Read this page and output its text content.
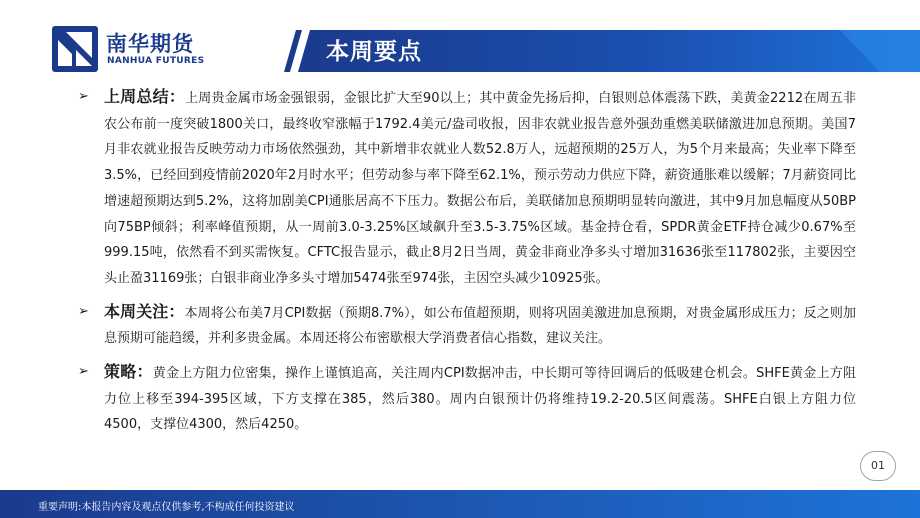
南华期货
NANHUA FUTURES	本周要点
➢ 上周总结：上周贵金属市场金强银弱，金银比扩大至90以上；其中黄金先扬后抑，白银则总体震荡下跌，美黄金2212在周五非农公布前一度突破1800关口，最终收窄涨幅于1792.4美元/盎司收报，因非农就业报告意外强劲重燃美联储激进加息预期。美国7月非农就业报告反映劳动力市场依然强劲，其中新增非农就业人数52.8万人，远超预期的25万人，为5个月来最高；失业率下降至3.5%，已经回到疫情前2020年2月时水平；但劳动参与率下降至62.1%，预示劳动力供应下降，薪资通胀难以缓解；7月薪资同比增速超预期达到5.2%，这将加剧美CPI通胀居高不下压力。数据公布后，美联储加息预期明显转向激进，其中9月加息幅度从50BP向75BP倾斜；利率峰值预期，从一周前3.0-3.25%区域飙升至3.5-3.75%区域。基金持仓看，SPDR黄金ETF持仓减少0.67%至999.15吨，依然看不到买需恢复。CFTC报告显示，截止8月2日当周，黄金非商业净多头寸增加31636张至117802张，主要因空头止盈31169张；白银非商业净多头寸增加5474张至974张，主因空头减少10925张。
➢ 本周关注：本周将公布美7月CPI数据（预期8.7%），如公布值超预期，则将巩固美激进加息预期，对贵金属形成压力；反之则加息预期可能趋缓，并利多贵金属。本周还将公布密歇根大学消费者信心指数，建议关注。
➢ 策略：黄金上方阻力位密集，操作上谨慎追高，关注周内CPI数据冲击，中长期可等待回调后的低吸建仓机会。SHFE黄金上方阻力位上移至394-395区域，下方支撑在385，然后380。周内白银预计仍将维持19.2-20.5区间震荡。SHFE白银上方阻力位4500，支撑位4300，然后4250。
01
重要声明:本报告内容及观点仅供参考,不构成任何投资建议
